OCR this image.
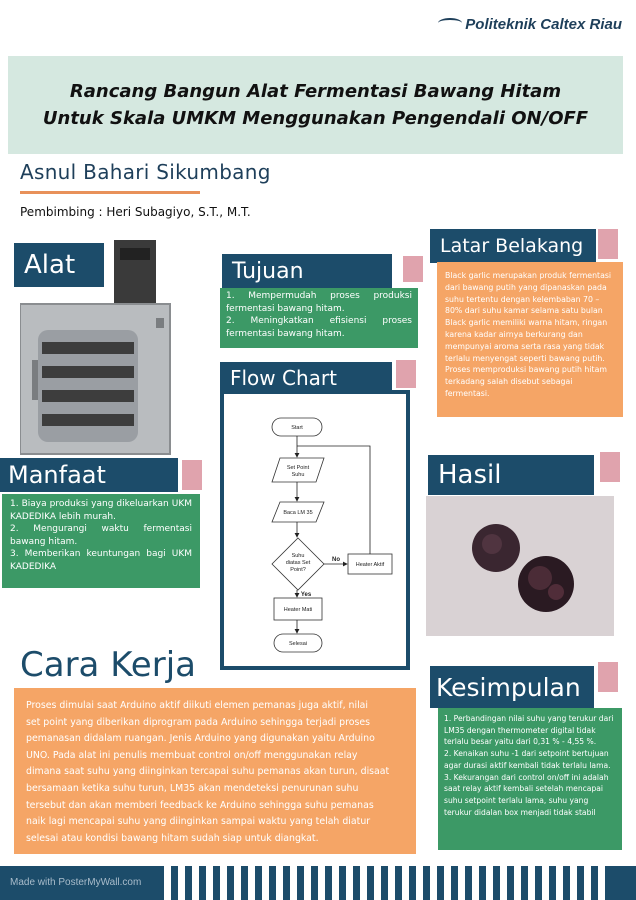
Politeknik Caltex Riau
Rancang Bangun Alat Fermentasi Bawang Hitam
Untuk Skala UMKM Menggunakan Pengendali ON/OFF
Asnul Bahari Sikumbang
Pembimbing : Heri Subagiyo, S.T., M.T.
Alat	Tujuan
1. Mempermudah proses produksi fermentasi bawang hitam.
2. Meningkatkan efisiensi proses fermentasi bawang hitam.
Latar Belakang
Black garlic merupakan produk fermentasi
dari bawang putih yang dipanaskan pada
suhu tertentu dengan kelembaban 70 –
80% dari suhu kamar selama satu bulan
Black garlic memiliki warna hitam, ringan
karena kadar airnya berkurang dan
mempunyai aroma serta rasa yang tidak
terlalu menyengat seperti bawang putih.
Proses memproduksi bawang putih hitam
terkadang salah disebut sebagai
fermentasi.
Flow Chart
Start
Set Point
Suhu
Baca LM 35
Suhu
diatas Set
Point?
Heater Aktif
Heater Mati
Selesai
No
Yes
Manfaat
1. Biaya produksi yang dikeluarkan UKM KADEDIKA lebih murah.
2. Mengurangi waktu fermentasi bawang hitam.
3. Memberikan keuntungan bagi UKM KADEDIKA
Hasil
Cara Kerja
Proses dimulai saat Arduino aktif diikuti elemen pemanas juga aktif, nilai
set point yang diberikan diprogram pada Arduino sehingga terjadi proses
pemanasan didalam ruangan. Jenis Arduino yang digunakan yaitu Arduino
UNO. Pada alat ini penulis membuat control on/off menggunakan relay
dimana saat suhu yang diinginkan tercapai suhu pemanas akan turun, disaat
bersamaan ketika suhu turun, LM35 akan mendeteksi penurunan suhu
tersebut dan akan memberi feedback ke Arduino sehingga suhu pemanas
naik lagi mencapai suhu yang diinginkan sampai waktu yang telah diatur
selesai atau kondisi bawang hitam sudah siap untuk diangkat.
Kesimpulan
1. Perbandingan nilai suhu yang terukur dari
LM35 dengan thermometer digital tidak
terlalu besar yaitu dari 0,31 % - 4,55 %.
2. Kenaikan suhu -1 dari setpoint bertujuan
agar durasi aktif kembali tidak terlalu lama.
3. Kekurangan dari control on/off ini adalah
saat relay aktif kembali setelah mencapai
suhu setpoint terlalu lama, suhu yang
terukur didalan box menjadi tidak stabil
Made with PosterMyWall.com
